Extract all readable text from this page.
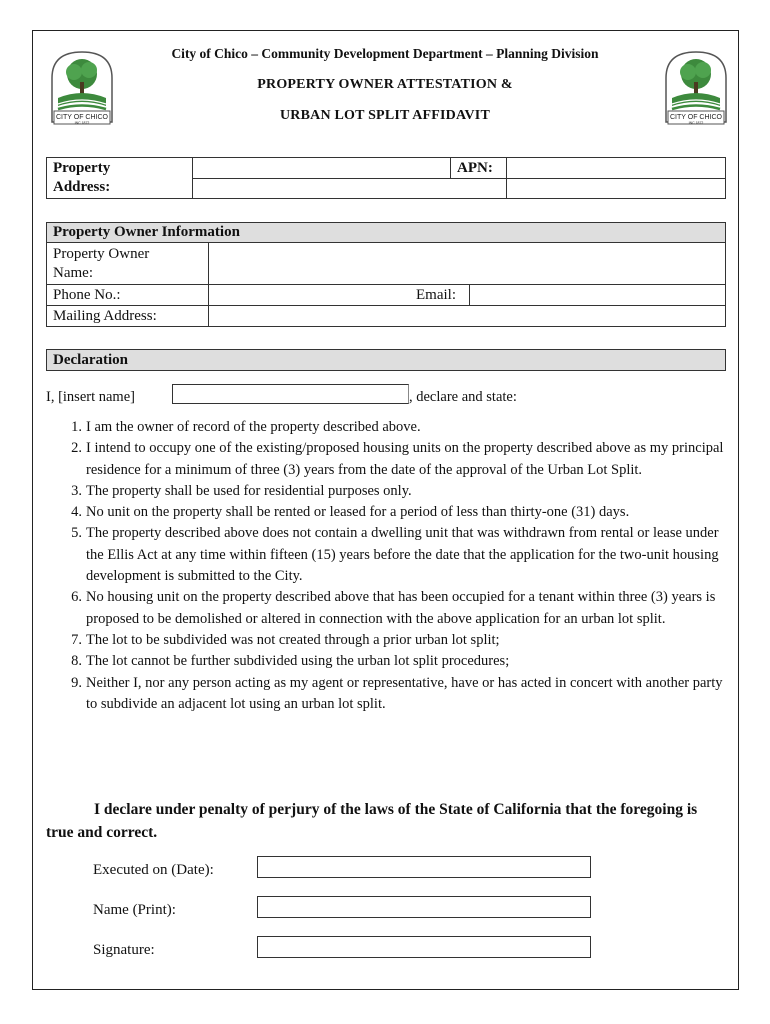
CITY OF CHICO
INC 1872
CITY OF CHICO
INC 1872
City of Chico – Community Development Department – Planning Division
PROPERTY OWNER ATTESTATION &
URBAN LOT SPLIT AFFIDAVIT
Property
Address:
APN:
Property Owner Information
Property Owner
Name:
Phone No.:	Email:
Mailing Address:
Declaration
I, [insert name]	, declare and state:
1. I am the owner of record of the property described above.
2. I intend to occupy one of the existing/proposed housing units on the property described above as my principal residence for a minimum of three (3) years from the date of the approval of the Urban Lot Split.
3. The property shall be used for residential purposes only.
4. No unit on the property shall be rented or leased for a period of less than thirty-one (31) days.
5. The property described above does not contain a dwelling unit that was withdrawn from rental or lease under the Ellis Act at any time within fifteen (15) years before the date that the application for the two-unit housing development is submitted to the City.
6. No housing unit on the property described above that has been occupied for a tenant within three (3) years is proposed to be demolished or altered in connection with the above application for an urban lot split.
7. The lot to be subdivided was not created through a prior urban lot split;
8. The lot cannot be further subdivided using the urban lot split procedures;
9. Neither I, nor any person acting as my agent or representative, have or has acted in concert with another party to subdivide an adjacent lot using an urban lot split.
I declare under penalty of perjury of the laws of the State of California that the foregoing is true and correct.
Executed on (Date):
Name (Print):
Signature:
